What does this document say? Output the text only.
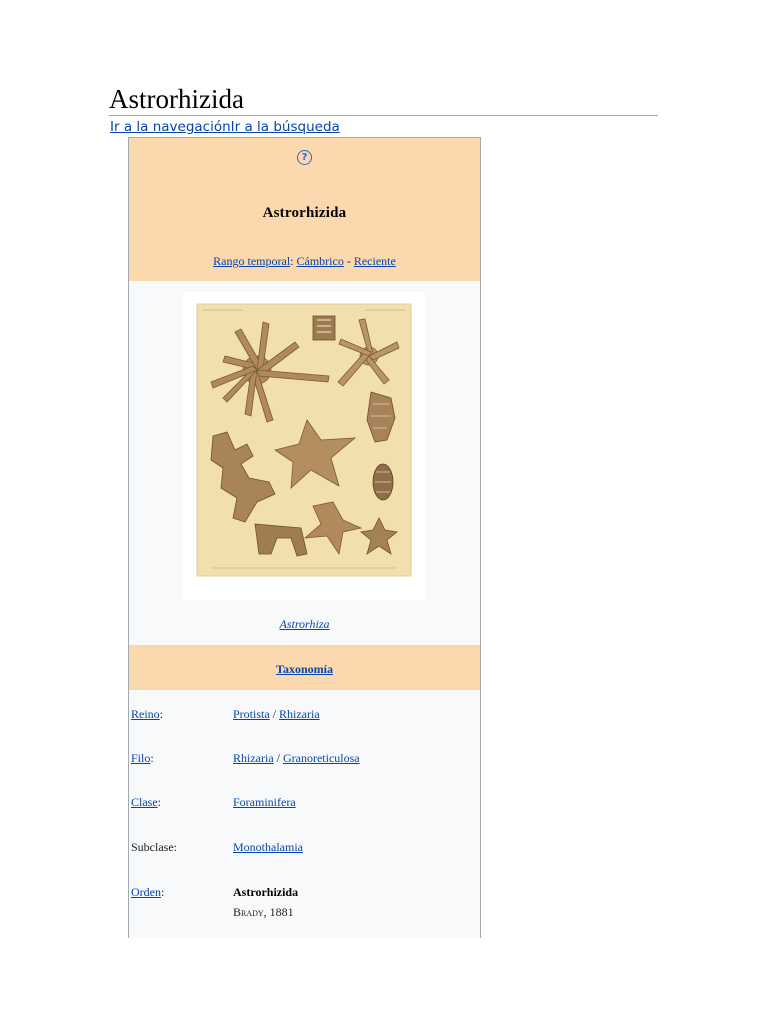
Astrorhizida
Ir a la navegaciónIr a la búsqueda
?
Astrorhizida
Rango temporal: Cámbrico - Reciente
Astrorhiza
Taxonomía
Reino:	Protista / Rhizaria
Filo:	Rhizaria / Granoreticulosa
Clase:	Foraminifera
Subclase:	Monothalamia
Orden:	Astrorhizida
Brady, 1881
